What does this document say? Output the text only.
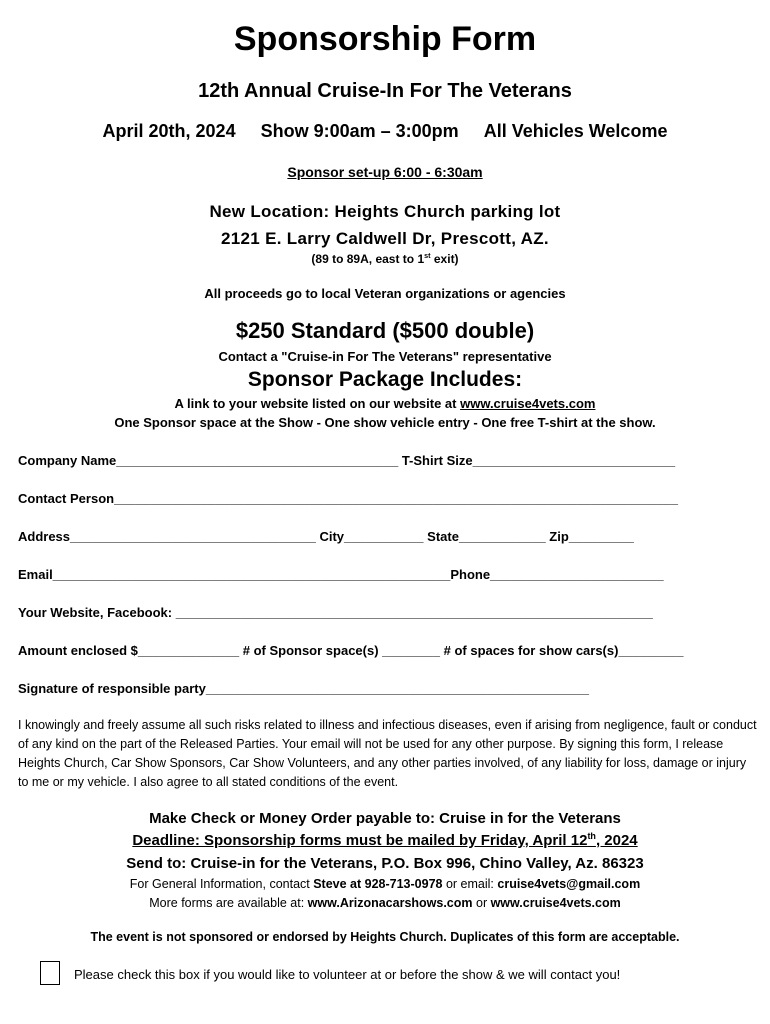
Sponsorship Form
12th Annual Cruise-In For The Veterans
April 20th, 2024 Show 9:00am – 3:00pm All Vehicles Welcome
Sponsor set-up 6:00 - 6:30am
New Location: Heights Church parking lot
2121 E. Larry Caldwell Dr, Prescott, AZ.
(89 to 89A, east to 1st exit)
All proceeds go to local Veteran organizations or agencies
$250 Standard ($500 double)
Contact a "Cruise-in For The Veterans" representative
Sponsor Package Includes:
A link to your website listed on our website at www.cruise4vets.com
One Sponsor space at the Show - One show vehicle entry - One free T-shirt at the show.
Company Name_______________________________________ T-Shirt Size____________________________
Contact Person______________________________________________________________________________
Address__________________________________ City___________ State____________ Zip_________
Email_______________________________________________________Phone________________________
Your Website, Facebook: __________________________________________________________________
Amount enclosed $______________ # of Sponsor space(s) ________ # of spaces for show cars(s)_________
Signature of responsible party_____________________________________________________
I knowingly and freely assume all such risks related to illness and infectious diseases, even if arising from negligence, fault or conduct of any kind on the part of the Released Parties. Your email will not be used for any other purpose. By signing this form, I release Heights Church, Car Show Sponsors, Car Show Volunteers, and any other parties involved, of any liability for loss, damage or injury to me or my vehicle. I also agree to all stated conditions of the event.
Make Check or Money Order payable to: Cruise in for the Veterans
Deadline: Sponsorship forms must be mailed by Friday, April 12th, 2024
Send to: Cruise-in for the Veterans, P.O. Box 996, Chino Valley, Az. 86323
For General Information, contact Steve at 928-713-0978 or email: cruise4vets@gmail.com
More forms are available at: www.Arizonacarshows.com or www.cruise4vets.com
The event is not sponsored or endorsed by Heights Church. Duplicates of this form are acceptable.
Please check this box if you would like to volunteer at or before the show & we will contact you!
